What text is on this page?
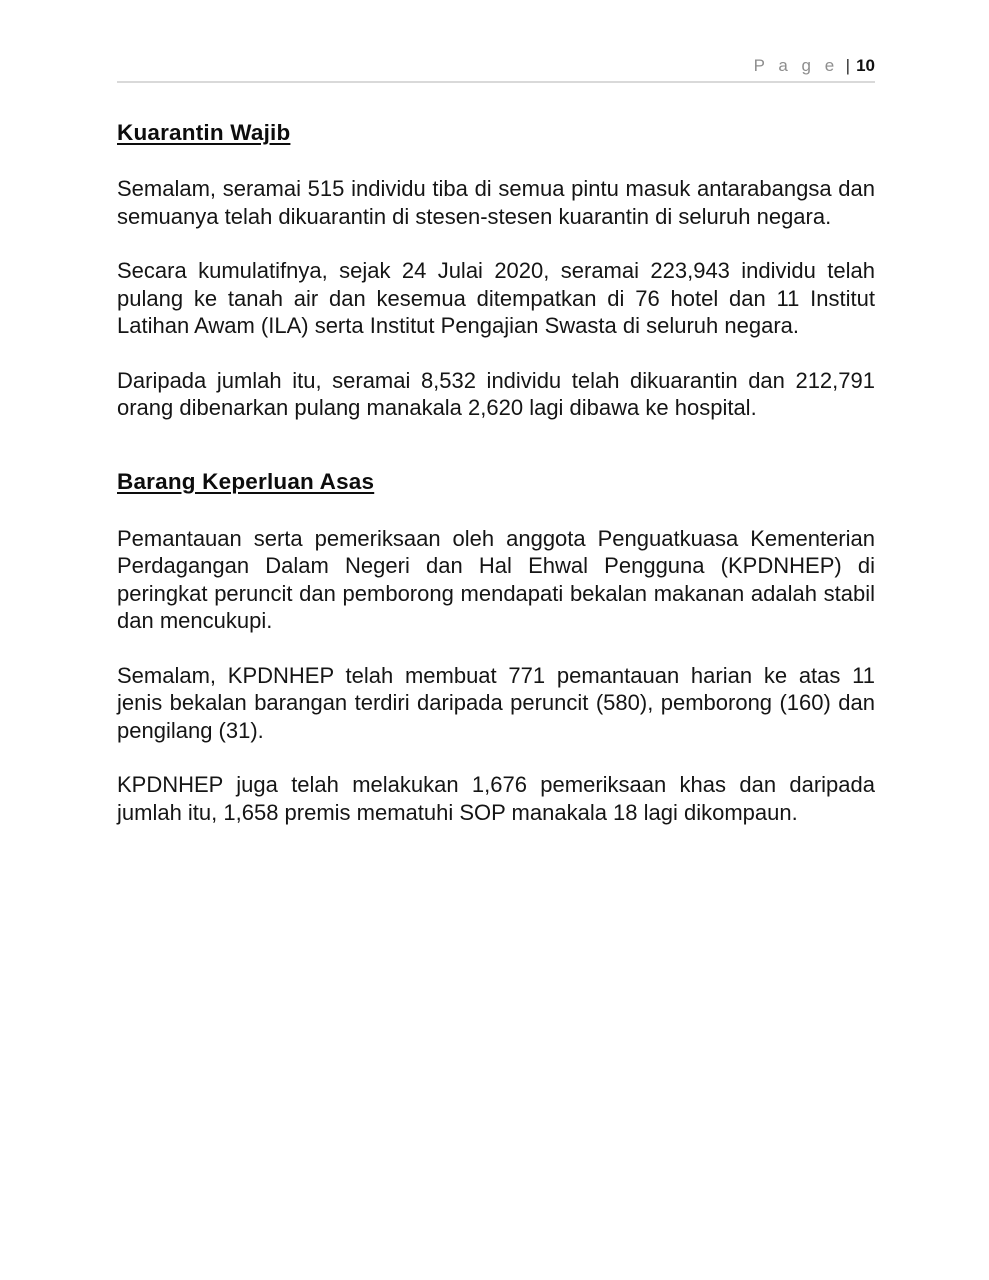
P a g e | 10
Kuarantin Wajib

Semalam, seramai 515 individu tiba di semua pintu masuk antarabangsa dan semuanya telah dikuarantin di stesen-stesen kuarantin di seluruh negara.

Secara kumulatifnya, sejak 24 Julai 2020, seramai 223,943 individu telah pulang ke tanah air dan kesemua ditempatkan di 76 hotel dan 11 Institut Latihan Awam (ILA) serta Institut Pengajian Swasta di seluruh negara.

Daripada jumlah itu, seramai 8,532 individu telah dikuarantin dan 212,791 orang dibenarkan pulang manakala 2,620 lagi dibawa ke hospital.

Barang Keperluan Asas

Pemantauan serta pemeriksaan oleh anggota Penguatkuasa Kementerian Perdagangan Dalam Negeri dan Hal Ehwal Pengguna (KPDNHEP) di peringkat peruncit dan pemborong mendapati bekalan makanan adalah stabil dan mencukupi.

Semalam, KPDNHEP telah membuat 771 pemantauan harian ke atas 11 jenis bekalan barangan terdiri daripada peruncit (580), pemborong (160) dan pengilang (31).

KPDNHEP juga telah melakukan 1,676 pemeriksaan khas dan daripada jumlah itu, 1,658 premis mematuhi SOP manakala 18 lagi dikompaun.
